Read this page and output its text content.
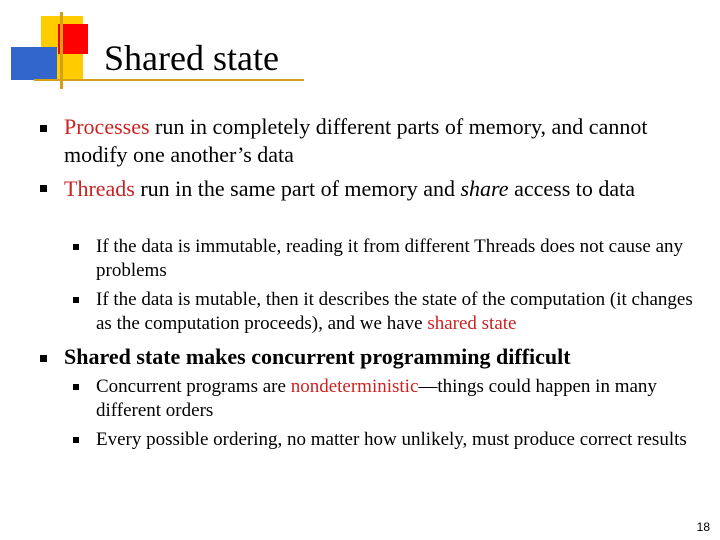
Shared state
Processes run in completely different parts of memory, and cannot modify one another’s data
Threads run in the same part of memory and share access to data
If the data is immutable, reading it from different Threads does not cause any problems
If the data is mutable, then it describes the state of the computation (it changes as the computation proceeds), and we have shared state
Shared state makes concurrent programming difficult
Concurrent programs are nondeterministic—things could happen in many different orders
Every possible ordering, no matter how unlikely, must produce correct results
18
